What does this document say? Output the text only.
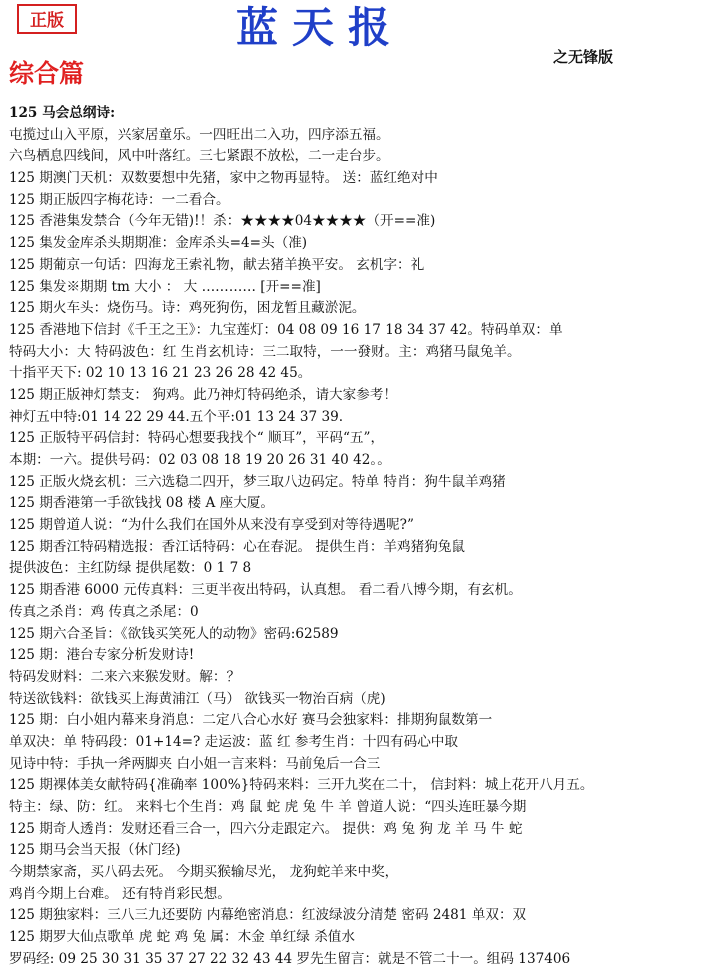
正版	蓝天报
之无锋版
综合篇
125 马会总纲诗:
屯揽过山入平原，兴家居童乐。一四旺出二入功，四序添五福。
六鸟栖息四线间，风中叶落红。三七紧跟不放松，二一走台步。
125 期澳门天机：双数要想中先猪，家中之物再显特。 送：蓝红绝对中
125 期正版四字梅花诗：一二看合。
125 香港集发禁合（今年无错)!！杀：★★★★04★★★★（开==准)
125 集发金库杀头期期准：金库杀头=4=头（准)
125 期葡京一句话：四海龙王索礼物，献去猪羊换平安。 玄机字：礼
125 集发※期期 tm 大小 ： 大 ………… [开==准]
125 期火车头：烧伤马。诗：鸡死狗伤，困龙暂且藏淤泥。
125 香港地下信封《千王之王》：九宝莲灯：04 08 09 16 17 18 34 37 42。特码单双：单
特码大小：大 特码波色：红 生肖玄机诗：三二取特，一一發财。主：鸡猪马鼠兔羊。
十指平天下: 02 10 13 16 21 23 26 28 42 45。
125 期正版神灯禁支： 狗鸡。此乃神灯特码绝杀，请大家参考！
神灯五中特:01 14 22 29 44.五个平:01 13 24 37 39.
125 正版特平码信封：特码心想要我找个“ 顺耳”，平码“五”，
本期：一六。提供号码：02 03 08 18 19 20 26 31 40 42。。
125 正版火烧玄机：三六选稳二四开，梦三取八边码定。特单 特肖：狗牛鼠羊鸡猪
125 期香港第一手欲钱找 08 楼 A 座大厦。
125 期曾道人说：“为什么我们在国外从来没有享受到对等待遇呢?”
125 期香江特码精选报：香江话特码：心在春泥。 提供生肖：羊鸡猪狗兔鼠
提供波色：主红防绿 提供尾数：0 1 7 8
125 期香港 6000 元传真料：三更半夜出特码，认真想。 看二看八博今期，有玄机。
传真之杀肖：鸡 传真之杀尾：0
125 期六合圣旨：《欲钱买笑死人的动物》密码:62589
125 期：港台专家分析发财诗!
特码发财料：二来六来猴发财。解：？
特送欲钱料：欲钱买上海黄浦江（马） 欲钱买一物治百病（虎)
125 期：白小姐内幕来身消息：二定八合心水好 赛马会独家料：排期狗鼠数第一
单双决：单 特码段：01+14=? 走运波：蓝 红 参考生肖：十四有码心中取
见诗中特：手执一斧两脚夹 白小姐一言来料：马前兔后一合三
125 期裸体美女献特码{准确率 100%}特码来料：三开九奖在二十， 信封料：城上花开八月五。
特主：绿、防：红。 来料七个生肖：鸡 鼠 蛇 虎 兔 牛 羊 曾道人说：“四头连旺暴今期
125 期奇人透肖：发财还看三合一，四六分走跟定六。 提供：鸡 兔 狗 龙 羊 马 牛 蛇
125 期马会当天报（休门经)
今期禁家斋，买八码去死。 今期买猴输尽光， 龙狗蛇羊来中奖，
鸡肖今期上台难。 还有特肖彩民想。
125 期独家料：三八三九还要防 内幕绝密消息：红波绿波分清楚 密码 2481 单双：双
125 期罗大仙点歌单 虎 蛇 鸡 兔 属：木金 单红绿 杀值水
罗码经: 09 25 30 31 35 37 27 22 32 43 44 罗先生留言：就是不管二十一。组码 137406
